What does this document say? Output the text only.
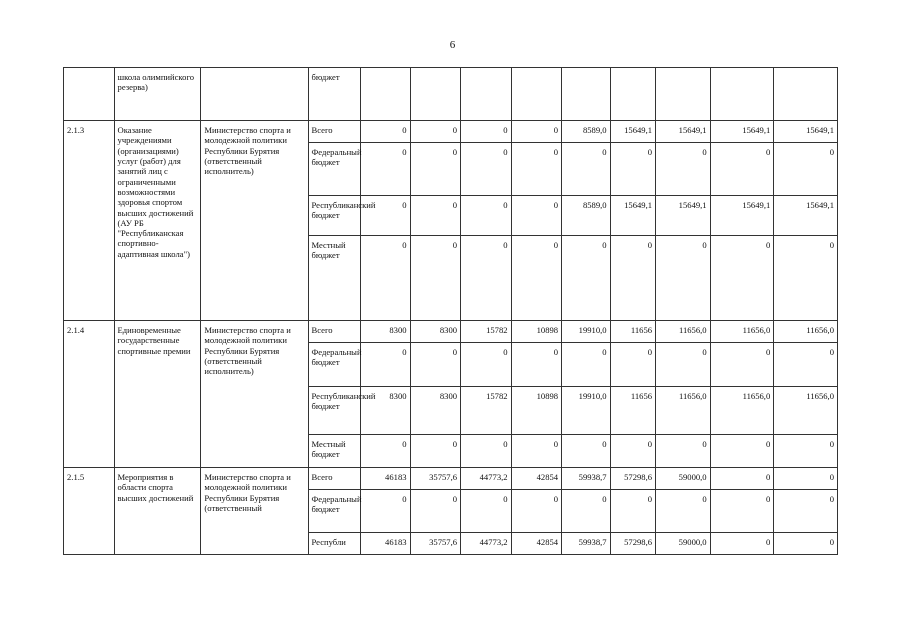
6
	школа олимпийского резерва)		бюджет									
2.1.3	Оказание учреждениями (организациями) услуг (работ) для занятий лиц с ограниченными возможностями здоровья спортом высших достижений (АУ РБ "Республиканская спортивно-адаптивная школа")	Министерство спорта и молодежной политики Республики Бурятия (ответственный исполнитель)	Всего	0	0	0	0	8589,0	15649,1	15649,1	15649,1	15649,1
			Федеральный бюджет	0	0	0	0	0	0	0	0	0
			Республиканский бюджет	0	0	0	0	8589,0	15649,1	15649,1	15649,1	15649,1
			Местный бюджет	0	0	0	0	0	0	0	0	0
2.1.4	Единовременные государственные спортивные премии	Министерство спорта и молодежной политики Республики Бурятия (ответственный исполнитель)	Всего	8300	8300	15782	10898	19910,0	11656	11656,0	11656,0	11656,0
			Федеральный бюджет	0	0	0	0	0	0	0	0	0
			Республиканский бюджет	8300	8300	15782	10898	19910,0	11656	11656,0	11656,0	11656,0
			Местный бюджет	0	0	0	0	0	0	0	0	0
2.1.5	Мероприятия в области спорта высших достижений	Министерство спорта и молодежной политики Республики Бурятия (ответственный	Всего	46183	35757,6	44773,2	42854	59938,7	57298,6	59000,0	0	0
			Федеральный бюджет	0	0	0	0	0	0	0	0	0
			Республи	46183	35757,6	44773,2	42854	59938,7	57298,6	59000,0	0	0
